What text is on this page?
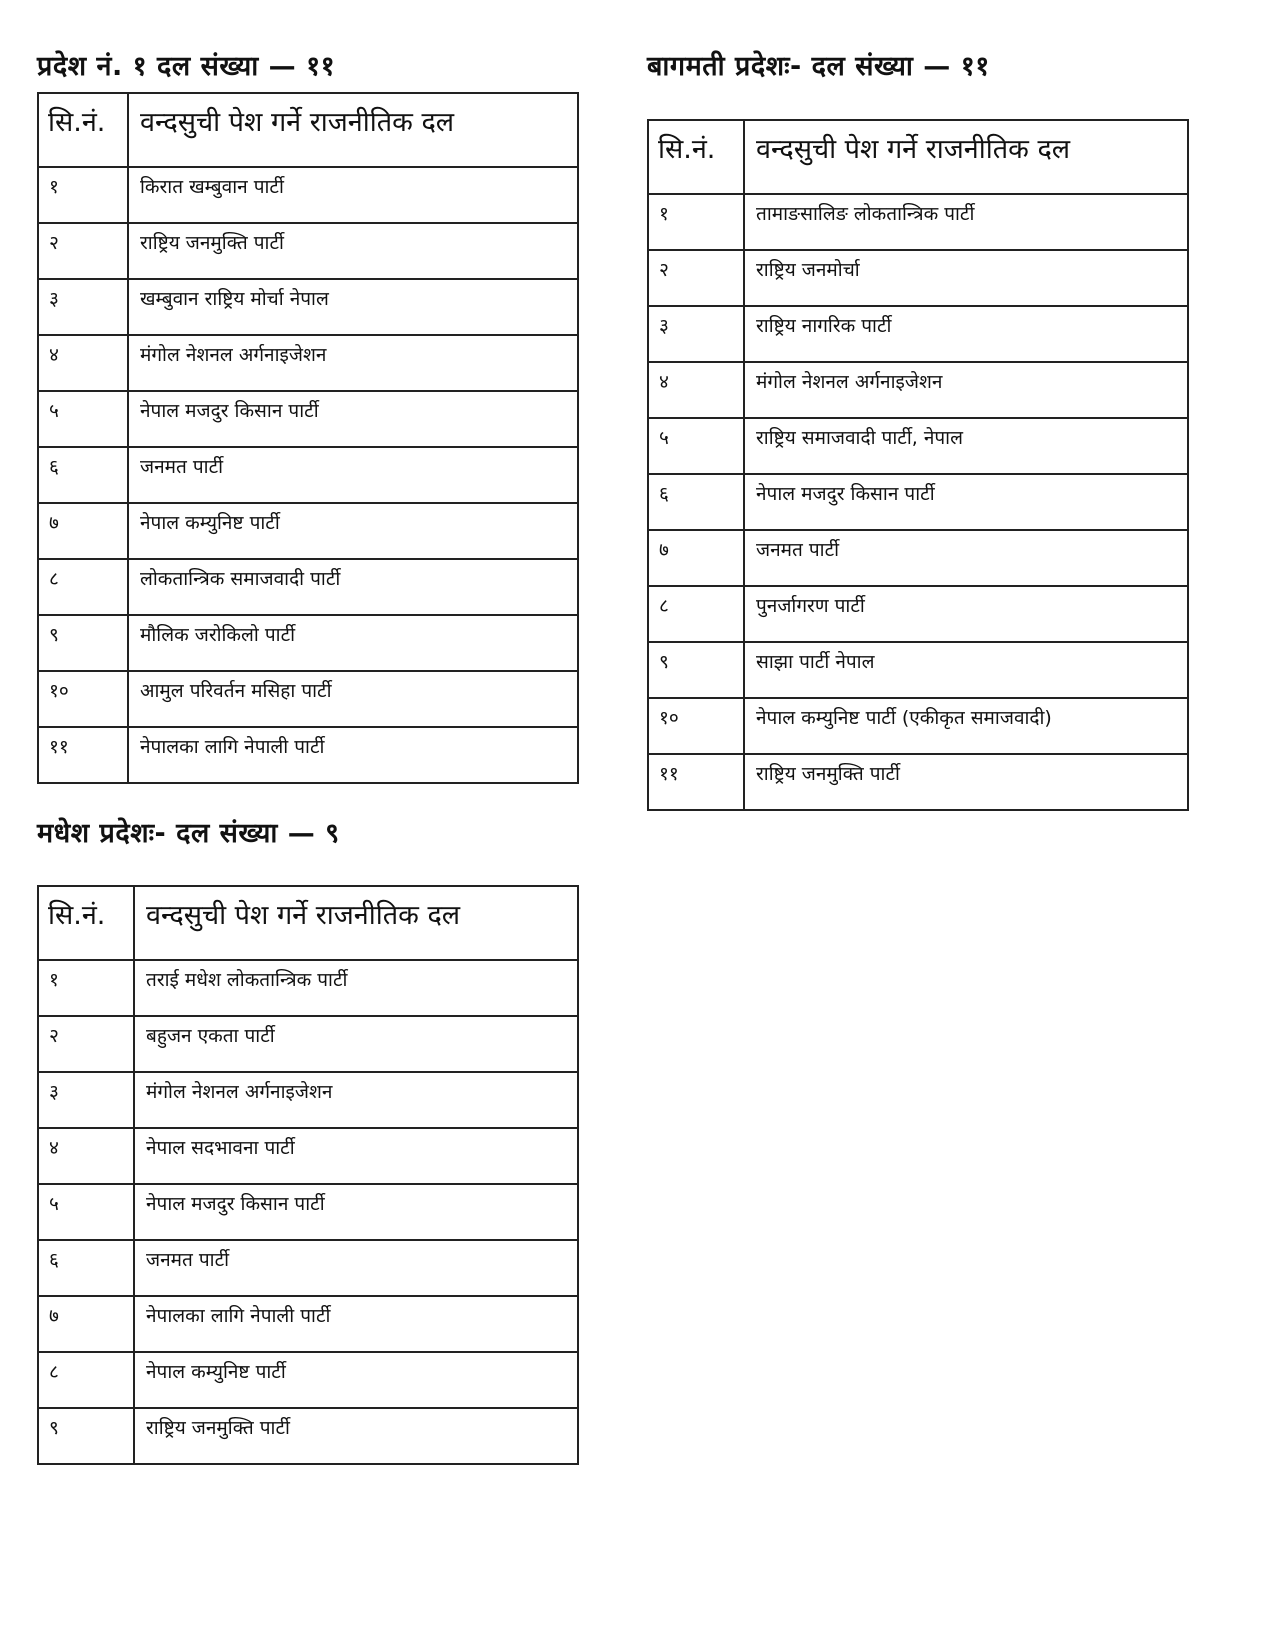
प्रदेश नं. १ दल संख्या — ११
सि.नं.	वन्दसुची पेश गर्ने राजनीतिक दल
१	किरात खम्बुवान पार्टी
२	राष्ट्रिय जनमुक्ति पार्टी
३	खम्बुवान राष्ट्रिय मोर्चा नेपाल
४	मंगोल नेशनल अर्गनाइजेशन
५	नेपाल मजदुर किसान पार्टी
६	जनमत पार्टी
७	नेपाल कम्युनिष्ट पार्टी
८	लोकतान्त्रिक समाजवादी पार्टी
९	मौलिक जरोकिलो पार्टी
१०	आमुल परिवर्तन मसिहा पार्टी
११	नेपालका लागि नेपाली पार्टी
बागमती प्रदेशः- दल संख्या — ११
सि.नं.	वन्दसुची पेश गर्ने राजनीतिक दल
१	तामाङसालिङ लोकतान्त्रिक पार्टी
२	राष्ट्रिय जनमोर्चा
३	राष्ट्रिय नागरिक पार्टी
४	मंगोल नेशनल अर्गनाइजेशन
५	राष्ट्रिय समाजवादी पार्टी, नेपाल
६	नेपाल मजदुर किसान पार्टी
७	जनमत पार्टी
८	पुनर्जागरण पार्टी
९	साझा पार्टी नेपाल
१०	नेपाल कम्युनिष्ट पार्टी (एकीकृत समाजवादी)
११	राष्ट्रिय जनमुक्ति पार्टी
मधेश प्रदेशः- दल संख्या — ९
सि.नं.	वन्दसुची पेश गर्ने राजनीतिक दल
१	तराई मधेश लोकतान्त्रिक पार्टी
२	बहुजन एकता पार्टी
३	मंगोल नेशनल अर्गनाइजेशन
४	नेपाल सदभावना पार्टी
५	नेपाल मजदुर किसान पार्टी
६	जनमत पार्टी
७	नेपालका लागि नेपाली पार्टी
८	नेपाल कम्युनिष्ट पार्टी
९	राष्ट्रिय जनमुक्ति पार्टी
